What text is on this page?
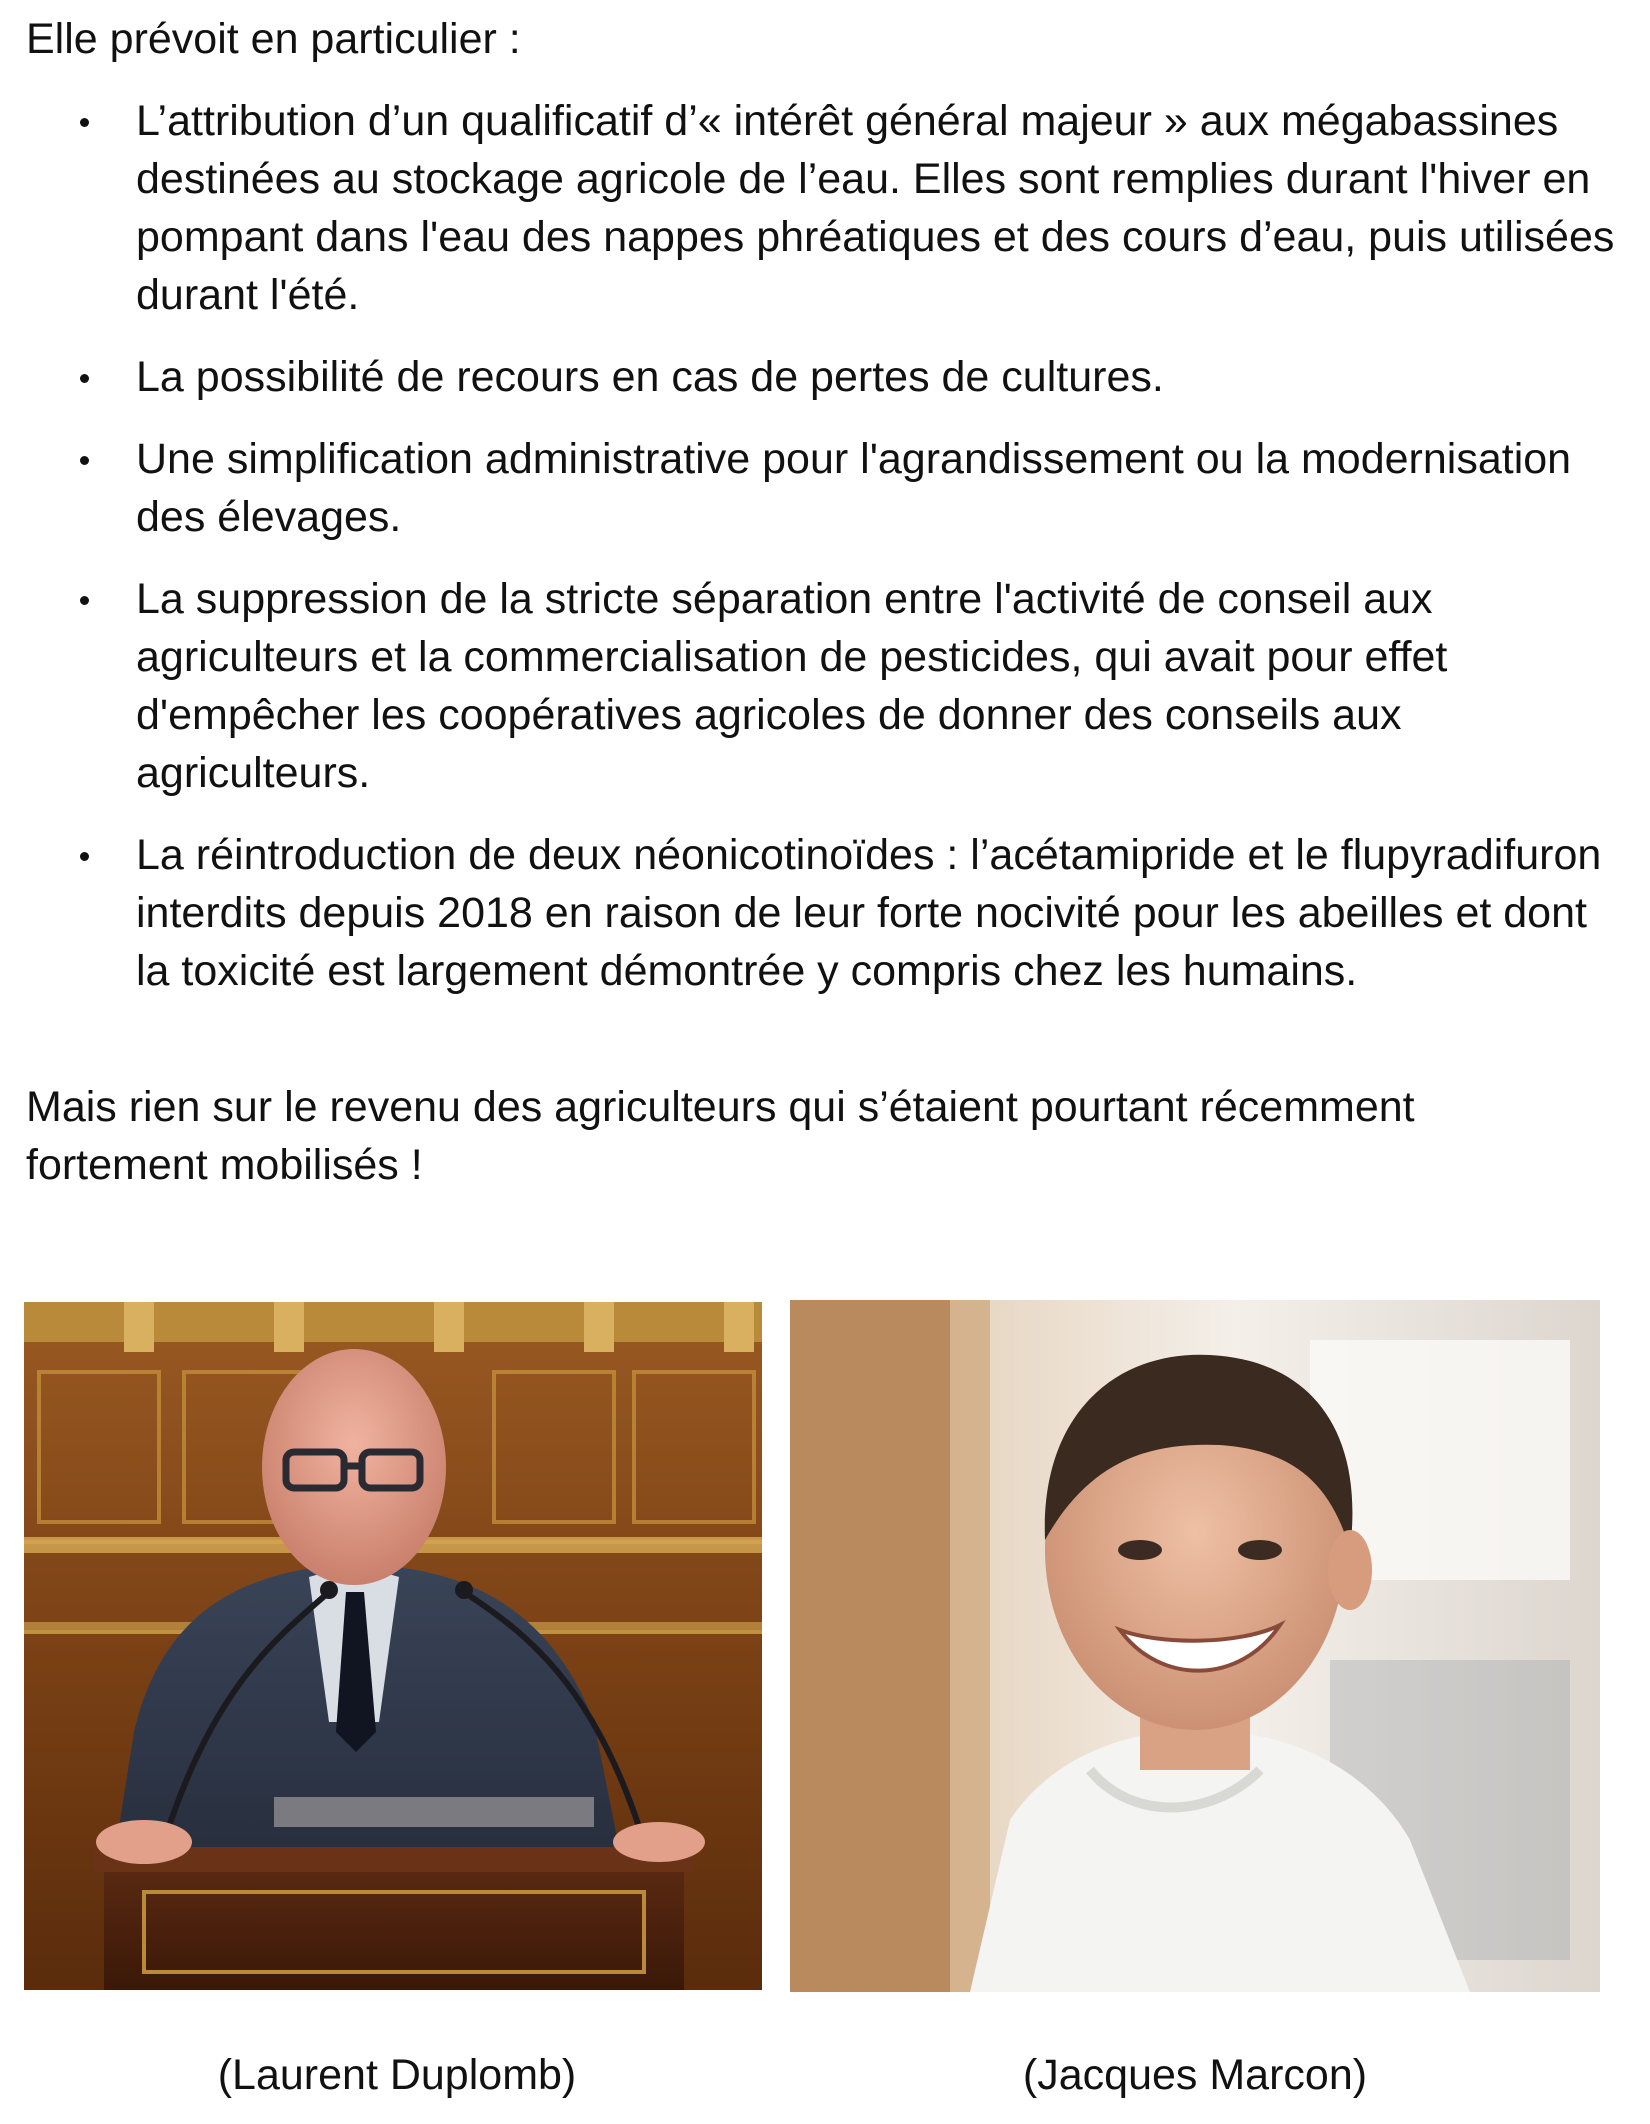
Elle prévoit en particulier :

L’attribution d’un qualificatif d’« intérêt général majeur » aux mégabassines destinées au stockage agricole de l’eau. Elles sont remplies durant l'hiver en pompant dans l'eau des nappes phréatiques et des cours d’eau, puis utilisées durant l'été.
La possibilité de recours en cas de pertes de cultures.
Une simplification administrative pour l'agrandissement ou la modernisation des élevages.
La suppression de la stricte séparation entre l'activité de conseil aux agriculteurs et la commercialisation de pesticides, qui avait pour effet d'empêcher les coopératives agricoles de donner des conseils aux agriculteurs.
La réintroduction de deux néonicotinoïdes : l’acétamipride et le flupyradifuron interdits depuis 2018 en raison de leur forte nocivité pour les abeilles et dont la toxicité est largement démontrée y compris chez les humains.

Mais rien sur le revenu des agriculteurs qui s’étaient pourtant récemment fortement mobilisés !

(Laurent Duplomb)	(Jacques Marcon)
